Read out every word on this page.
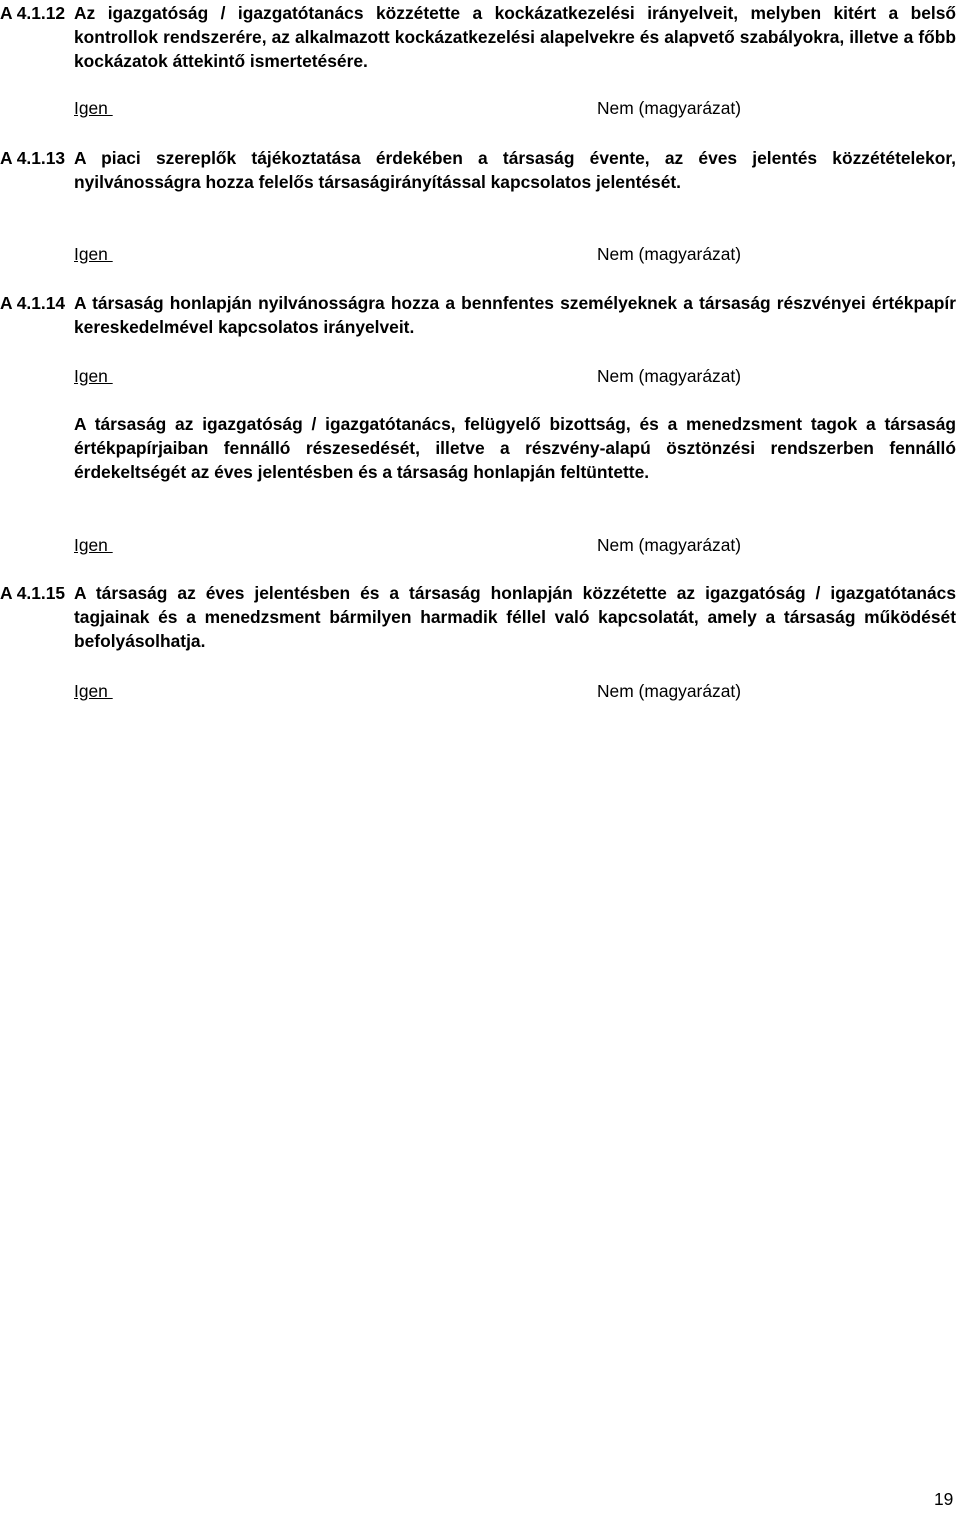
A 4.1.12 Az igazgatóság / igazgatótanács közzétette a kockázatkezelési irányelveit, melyben kitért a belső kontrollok rendszerére, az alkalmazott kockázatkezelési alapelvekre és alapvető szabályokra, illetve a főbb kockázatok áttekintő ismertetésére.
Igen	Nem (magyarázat)
A 4.1.13 A piaci szereplők tájékoztatása érdekében a társaság évente, az éves jelentés közzétételekor, nyilvánosságra hozza felelős társaságirányítással kapcsolatos jelentését.
Igen	Nem (magyarázat)
A 4.1.14 A társaság honlapján nyilvánosságra hozza a bennfentes személyeknek a társaság részvényei értékpapír kereskedelmével kapcsolatos irányelveit.
Igen	Nem (magyarázat)
A társaság az igazgatóság / igazgatótanács, felügyelő bizottság, és a menedzsment tagok a társaság értékpapírjaiban fennálló részesedését, illetve a részvény-alapú ösztönzési rendszerben fennálló érdekeltségét az éves jelentésben és a társaság honlapján feltüntette.
Igen	Nem (magyarázat)
A 4.1.15 A társaság az éves jelentésben és a társaság honlapján közzétette az igazgatóság / igazgatótanács tagjainak és a menedzsment bármilyen harmadik féllel való kapcsolatát, amely a társaság működését befolyásolhatja.
Igen	Nem (magyarázat)
19
